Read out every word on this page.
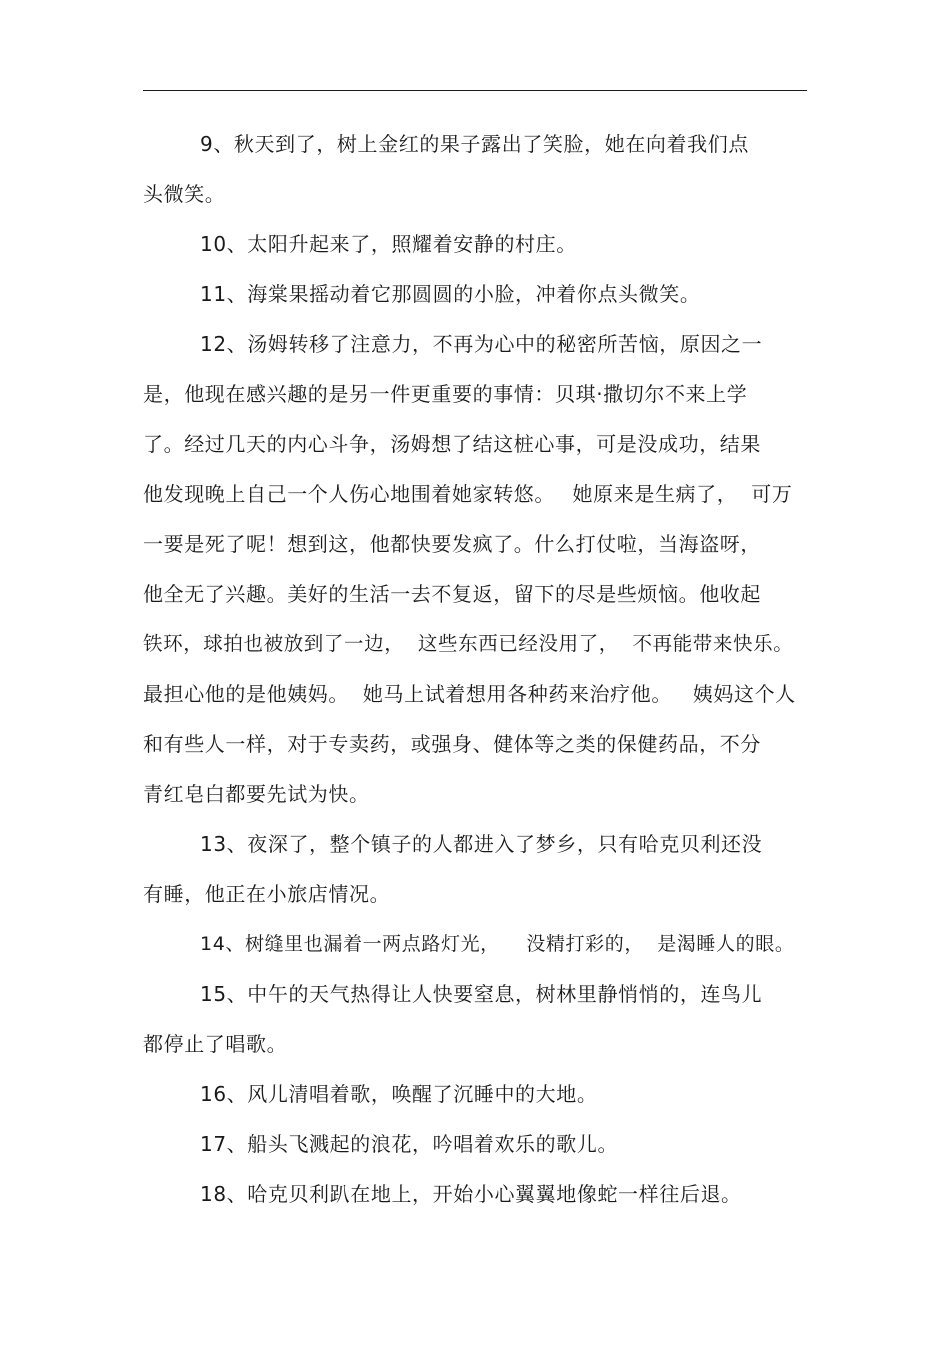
9、秋天到了，树上金红的果子露出了笑脸，她在向着我们点
头微笑。
10、太阳升起来了，照耀着安静的村庄。
11、海棠果摇动着它那圆圆的小脸，冲着你点头微笑。
12、汤姆转移了注意力，不再为心中的秘密所苦恼，原因之一
是，他现在感兴趣的是另一件更重要的事情：贝琪·撒切尔不来上学
了。经过几天的内心斗争，汤姆想了结这桩心事，可是没成功，结果
他发现晚上自己一个人伤心地围着她家转悠。　 她原来是生病了，  可万
一要是死了呢！想到这，他都快要发疯了。什么打仗啦，当海盗呀，
他全无了兴趣。美好的生活一去不复返，留下的尽是些烦恼。他收起
铁环，球拍也被放到了一边，  这些东西已经没用了，  不再能带来快乐。
最担心他的是他姨妈。  她马上试着想用各种药来治疗他。   姨妈这个人
和有些人一样，对于专卖药，或强身、健体等之类的保健药品，不分
青红皂白都要先试为快。
13、夜深了，整个镇子的人都进入了梦乡，只有哈克贝利还没
有睡，他正在小旅店情况。
14、树缝里也漏着一两点路灯光，    没精打彩的，  是渴睡人的眼。
15、中午的天气热得让人快要窒息，树林里静悄悄的，连鸟儿
都停止了唱歌。
16、风儿清唱着歌，唤醒了沉睡中的大地。
17、船头飞溅起的浪花，吟唱着欢乐的歌儿。
18、哈克贝利趴在地上，开始小心翼翼地像蛇一样往后退。
